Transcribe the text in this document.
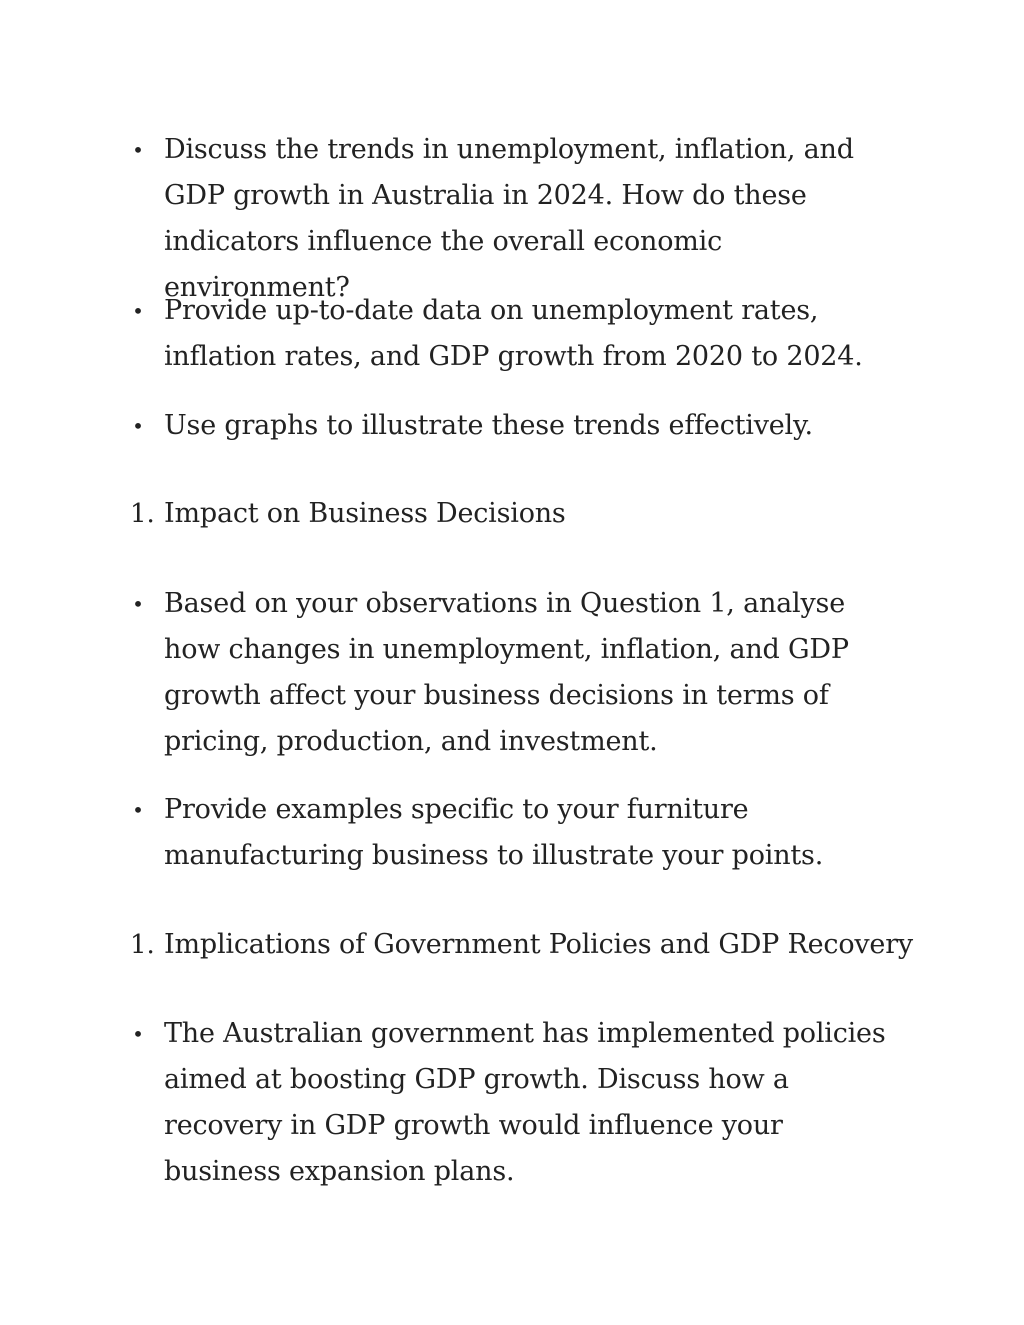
• Discuss the trends in unemployment, inflation, and GDP growth in Australia in 2024. How do these indicators influence the overall economic environment?
• Provide up-to-date data on unemployment rates, inflation rates, and GDP growth from 2020 to 2024.
• Use graphs to illustrate these trends effectively.
1. Impact on Business Decisions
• Based on your observations in Question 1, analyse how changes in unemployment, inflation, and GDP growth affect your business decisions in terms of pricing, production, and investment.
• Provide examples specific to your furniture manufacturing business to illustrate your points.
1. Implications of Government Policies and GDP Recovery
• The Australian government has implemented policies aimed at boosting GDP growth. Discuss how a recovery in GDP growth would influence your business expansion plans.
